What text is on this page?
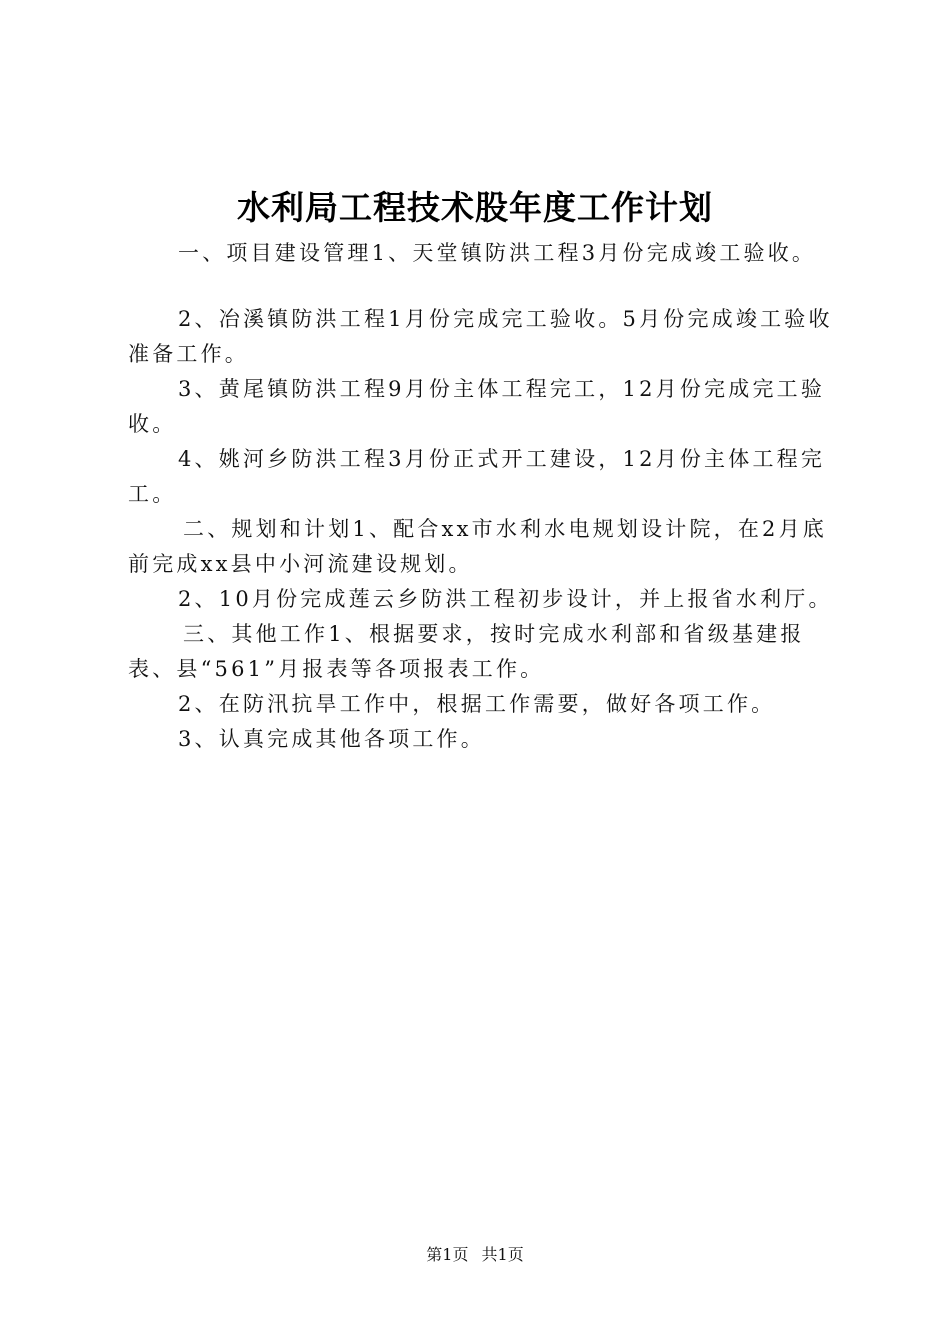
水利局工程技术股年度工作计划

一、项目建设管理1、天堂镇防洪工程3月份完成竣工验收。

2、冶溪镇防洪工程1月份完成完工验收。5月份完成竣工验收准备工作。

3、黄尾镇防洪工程9月份主体工程完工，12月份完成完工验收。

4、姚河乡防洪工程3月份正式开工建设，12月份主体工程完工。

二、规划和计划1、配合xx市水利水电规划设计院，在2月底前完成xx县中小河流建设规划。

2、10月份完成莲云乡防洪工程初步设计，并上报省水利厅。

三、其他工作1、根据要求，按时完成水利部和省级基建报表、县“561”月报表等各项报表工作。

2、在防汛抗旱工作中，根据工作需要，做好各项工作。

3、认真完成其他各项工作。

第1页 共1页
